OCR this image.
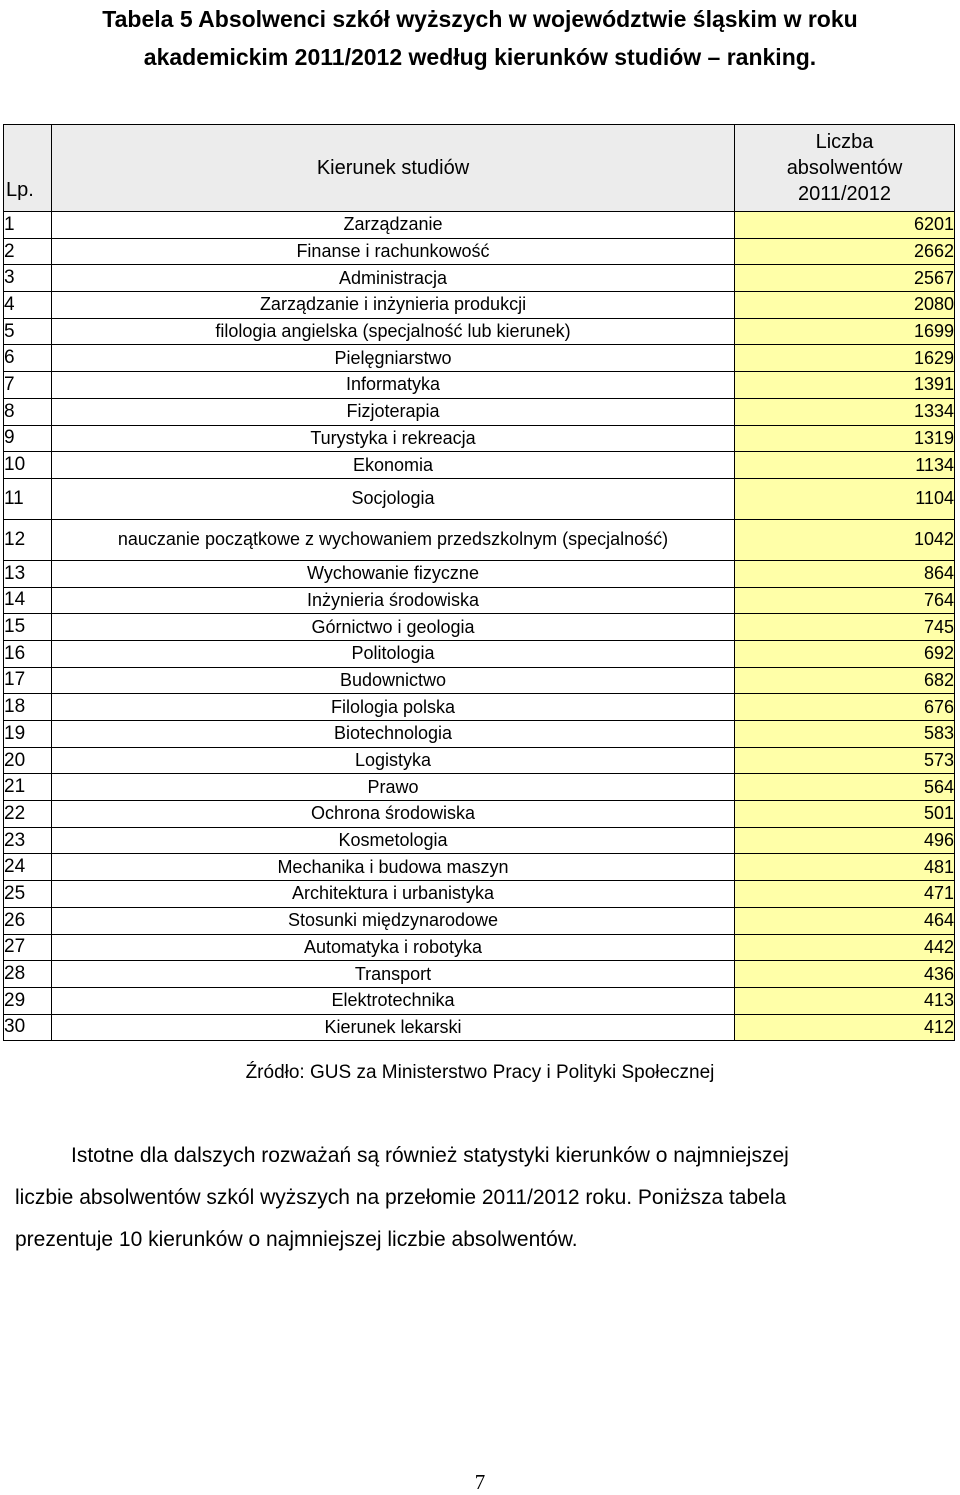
Tabela 5 Absolwenci szkół wyższych w województwie śląskim w roku
akademickim 2011/2012 według kierunków studiów – ranking.
Lp.	Kierunek studiów	Liczba
absolwentów
2011/2012

1	Zarządzanie	6201
2	Finanse i rachunkowość	2662
3	Administracja	2567
4	Zarządzanie i inżynieria produkcji	2080
5	filologia angielska (specjalność lub kierunek)	1699
6	Pielęgniarstwo	1629
7	Informatyka	1391
8	Fizjoterapia	1334
9	Turystyka i rekreacja	1319
10	Ekonomia	1134
11	Socjologia	1104
12	nauczanie początkowe z wychowaniem przedszkolnym (specjalność)	1042
13	Wychowanie fizyczne	864
14	Inżynieria środowiska	764
15	Górnictwo i geologia	745
16	Politologia	692
17	Budownictwo	682
18	Filologia polska	676
19	Biotechnologia	583
20	Logistyka	573
21	Prawo	564
22	Ochrona środowiska	501
23	Kosmetologia	496
24	Mechanika i budowa maszyn	481
25	Architektura i urbanistyka	471
26	Stosunki międzynarodowe	464
27	Automatyka i robotyka	442
28	Transport	436
29	Elektrotechnika	413
30	Kierunek lekarski	412
Źródło: GUS za Ministerstwo Pracy i Polityki Społecznej
Istotne dla dalszych rozważań są również statystyki kierunków o najmniejszej
liczbie absolwentów szkól wyższych na przełomie 2011/2012 roku. Poniższa tabela
prezentuje 10 kierunków o najmniejszej liczbie absolwentów.
7
